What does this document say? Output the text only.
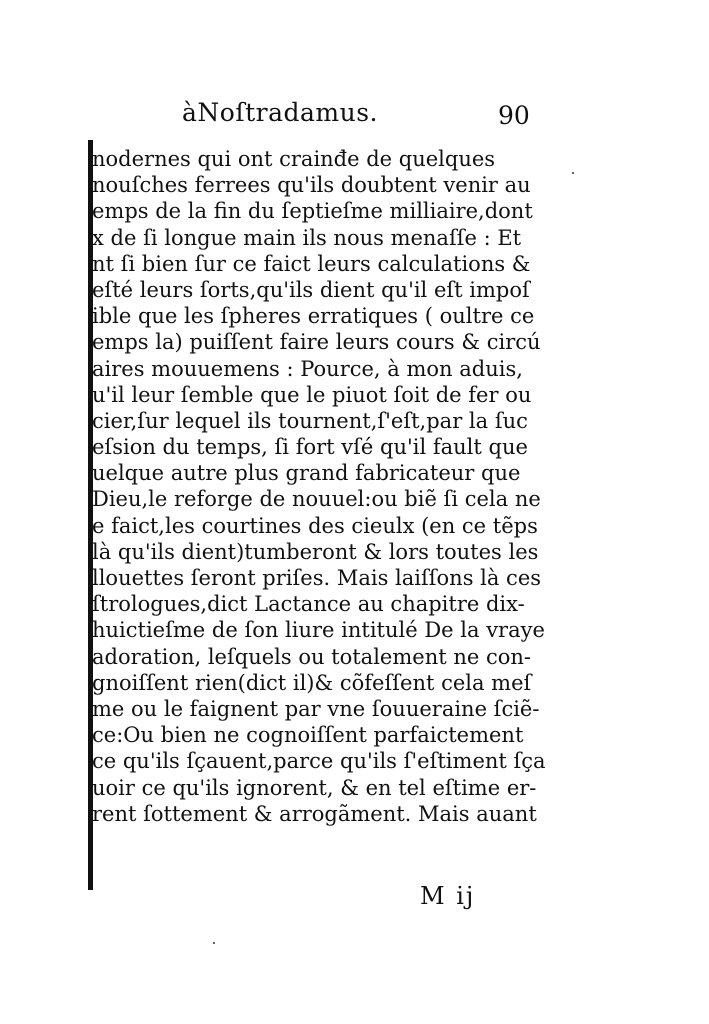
àNoſtradamus.	90
nodernes qui ont crainđe de quelques
nouſches ferrees qu'ils doubtent venir au
emps de la fin du ſeptieſme milliaire,dont
x de ſi longue main ils nous menaſſe : Et
nt ſi bien ſur ce faict leurs calculations &
eſté leurs ſorts,qu'ils dient qu'il eſt impoſ
ible que les ſpheres erratiques ( oultre ce
emps la) puiſſent faire leurs cours & circú
aires mouuemens : Pource, à mon aduis,
u'il leur ſemble que le piuot ſoit de fer ou
cier,ſur lequel ils tournent,ſ'eſt,par la ſuc
eſsion du temps, ſi fort vſé qu'il fault que
uelque autre plus grand fabricateur que
Dieu,le reforge de nouuel:ou biẽ ſi cela ne
e faict,les courtines des cieulx (en ce tẽps
là qu'ils dient)tumberont & lors toutes les
llouettes ſeront priſes. Mais laiſſons là ces
ſtrologues,dict Lactance au chapitre dix-
huictieſme de ſon liure intitulé De la vraye
adoration, leſquels ou totalement ne con-
gnoiſſent rien(dict il)& cõfeſſent cela meſ
me ou le faignent par vne ſouueraine ſciẽ-
ce:Ou bien ne cognoiſſent parfaictement
ce qu'ils ſçauent,parce qu'ils ſ'eſtiment ſça
uoir ce qu'ils ignorent, & en tel eſtime er-
rent ſottement & arrogãment. Mais auant
M ij
